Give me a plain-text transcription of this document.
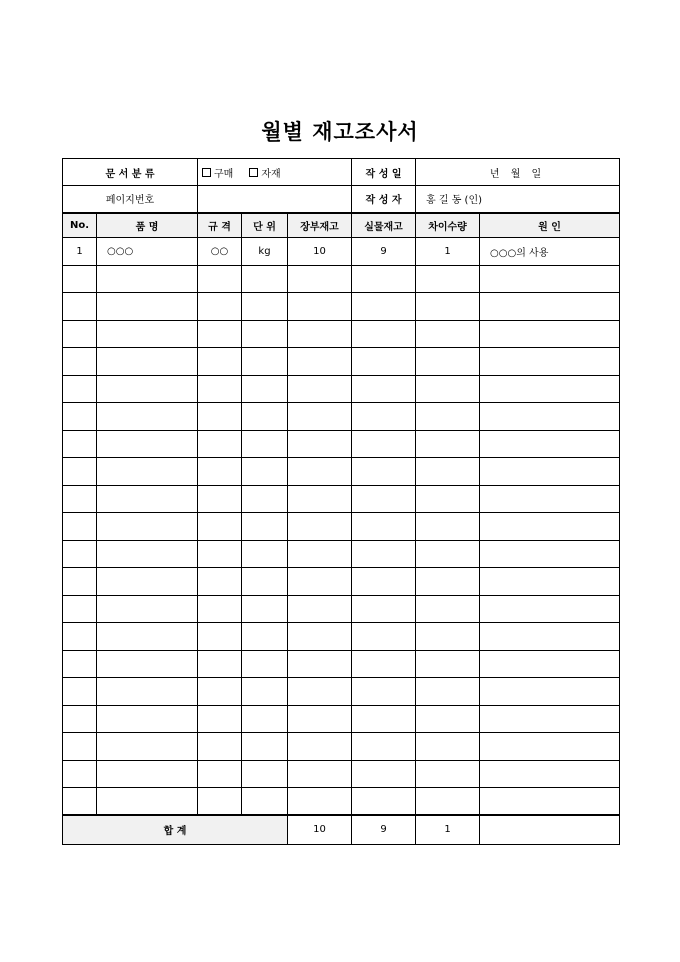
월별 재고조사서
문 서 분 류		구매 자재			작 성 일	년 월 일	
페이지번호					작 성 자	홍 길 동 (인)	
No.	품 명	규 격	단 위	장부재고	실물재고	차이수량	원 인
1	○○○	○○	kg	10	9	1	○○○의 사용

합 계				10	9	1	
